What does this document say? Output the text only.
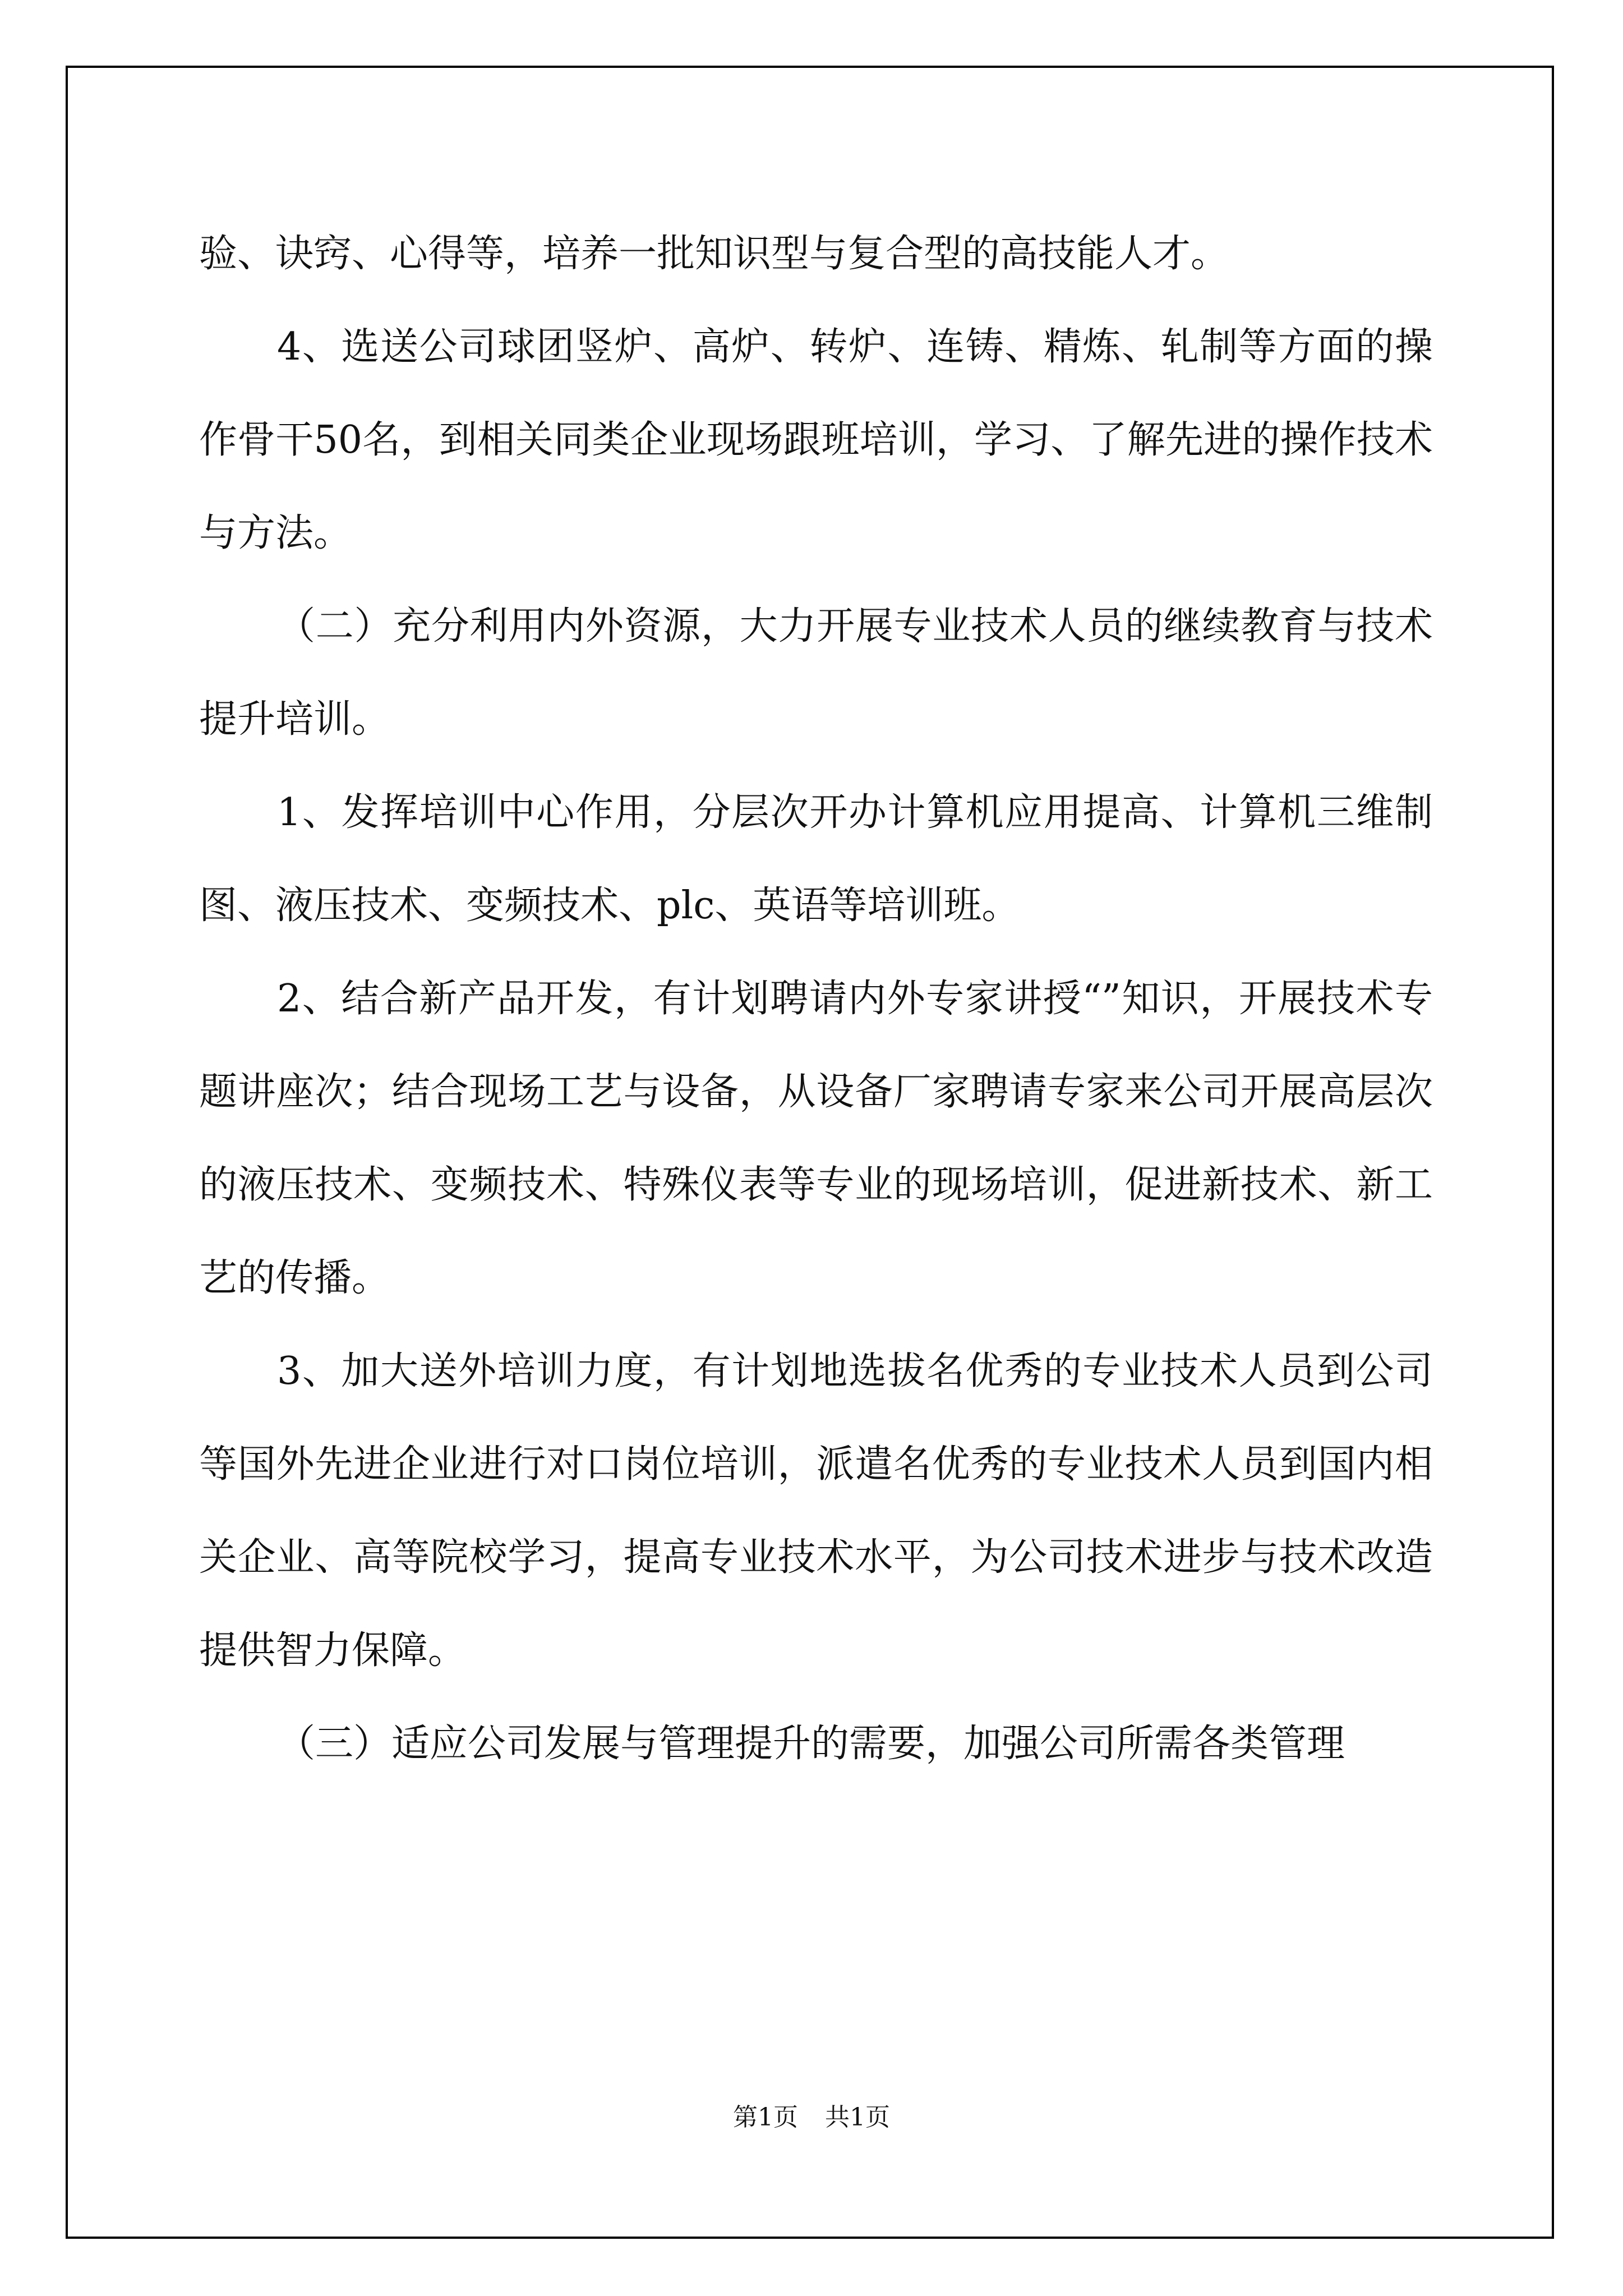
验、诀窍、心得等，培养一批知识型与复合型的高技能人才。

4、选送公司球团竖炉、高炉、转炉、连铸、精炼、轧制等方面的操作骨干50名，到相关同类企业现场跟班培训，学习、了解先进的操作技术与方法。

（二）充分利用内外资源，大力开展专业技术人员的继续教育与技术提升培训。

1、发挥培训中心作用，分层次开办计算机应用提高、计算机三维制图、液压技术、变频技术、plc、英语等培训班。

2、结合新产品开发，有计划聘请内外专家讲授“”知识，开展技术专题讲座次；结合现场工艺与设备，从设备厂家聘请专家来公司开展高层次的液压技术、变频技术、特殊仪表等专业的现场培训，促进新技术、新工艺的传播。

3、加大送外培训力度，有计划地选拔名优秀的专业技术人员到公司等国外先进企业进行对口岗位培训，派遣名优秀的专业技术人员到国内相关企业、高等院校学习，提高专业技术水平，为公司技术进步与技术改造提供智力保障。

（三）适应公司发展与管理提升的需要，加强公司所需各类管理

第1页 共1页
